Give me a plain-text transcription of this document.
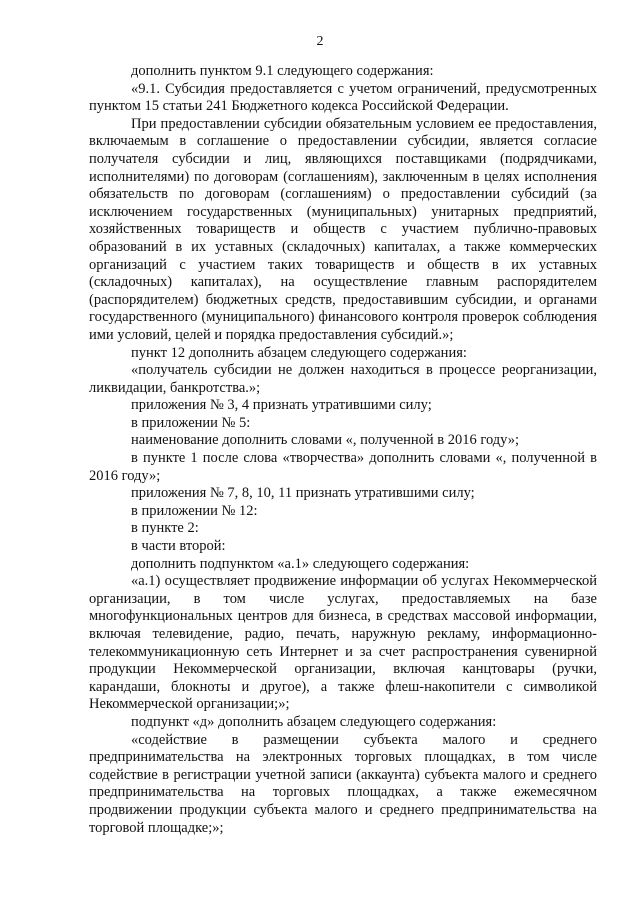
2

дополнить пунктом 9.1 следующего содержания:

«9.1. Субсидия предоставляется с учетом ограничений, предусмотренных пунктом 15 статьи 241 Бюджетного кодекса Российской Федерации.

При предоставлении субсидии обязательным условием ее предоставления, включаемым в соглашение о предоставлении субсидии, является согласие получателя субсидии и лиц, являющихся поставщиками (подрядчиками, исполнителями) по договорам (соглашениям), заключенным в целях исполнения обязательств по договорам (соглашениям) о предоставлении субсидий (за исключением государственных (муниципальных) унитарных предприятий, хозяйственных товариществ и обществ с участием публично-правовых образований в их уставных (складочных) капиталах, а также коммерческих организаций с участием таких товариществ и обществ в их уставных (складочных) капиталах), на осуществление главным распорядителем (распорядителем) бюджетных средств, предоставившим субсидии, и органами государственного (муниципального) финансового контроля проверок соблюдения ими условий, целей и порядка предоставления субсидий.»;

пункт 12 дополнить абзацем следующего содержания:

«получатель субсидии не должен находиться в процессе реорганизации, ликвидации, банкротства.»;

приложения № 3, 4 признать утратившими силу;

в приложении № 5:

наименование дополнить словами «, полученной в 2016 году»;

в пункте 1 после слова «творчества» дополнить словами «, полученной в 2016 году»;

приложения № 7, 8, 10, 11 признать утратившими силу;

в приложении № 12:

в пункте 2:

в части второй:

дополнить подпунктом «а.1» следующего содержания:

«а.1) осуществляет продвижение информации об услугах Некоммерческой организации, в том числе услугах, предоставляемых на базе многофункциональных центров для бизнеса, в средствах массовой информации, включая телевидение, радио, печать, наружную рекламу, информационно-телекоммуникационную сеть Интернет и за счет распространения сувенирной продукции Некоммерческой организации, включая канцтовары (ручки, карандаши, блокноты и другое), а также флеш-накопители с символикой Некоммерческой организации;»;

подпункт «д» дополнить абзацем следующего содержания:

«содействие в размещении субъекта малого и среднего предпринимательства на электронных торговых площадках, в том числе содействие в регистрации учетной записи (аккаунта) субъекта малого и среднего предпринимательства на торговых площадках, а также ежемесячном продвижении продукции субъекта малого и среднего предпринимательства на торговой площадке;»;
